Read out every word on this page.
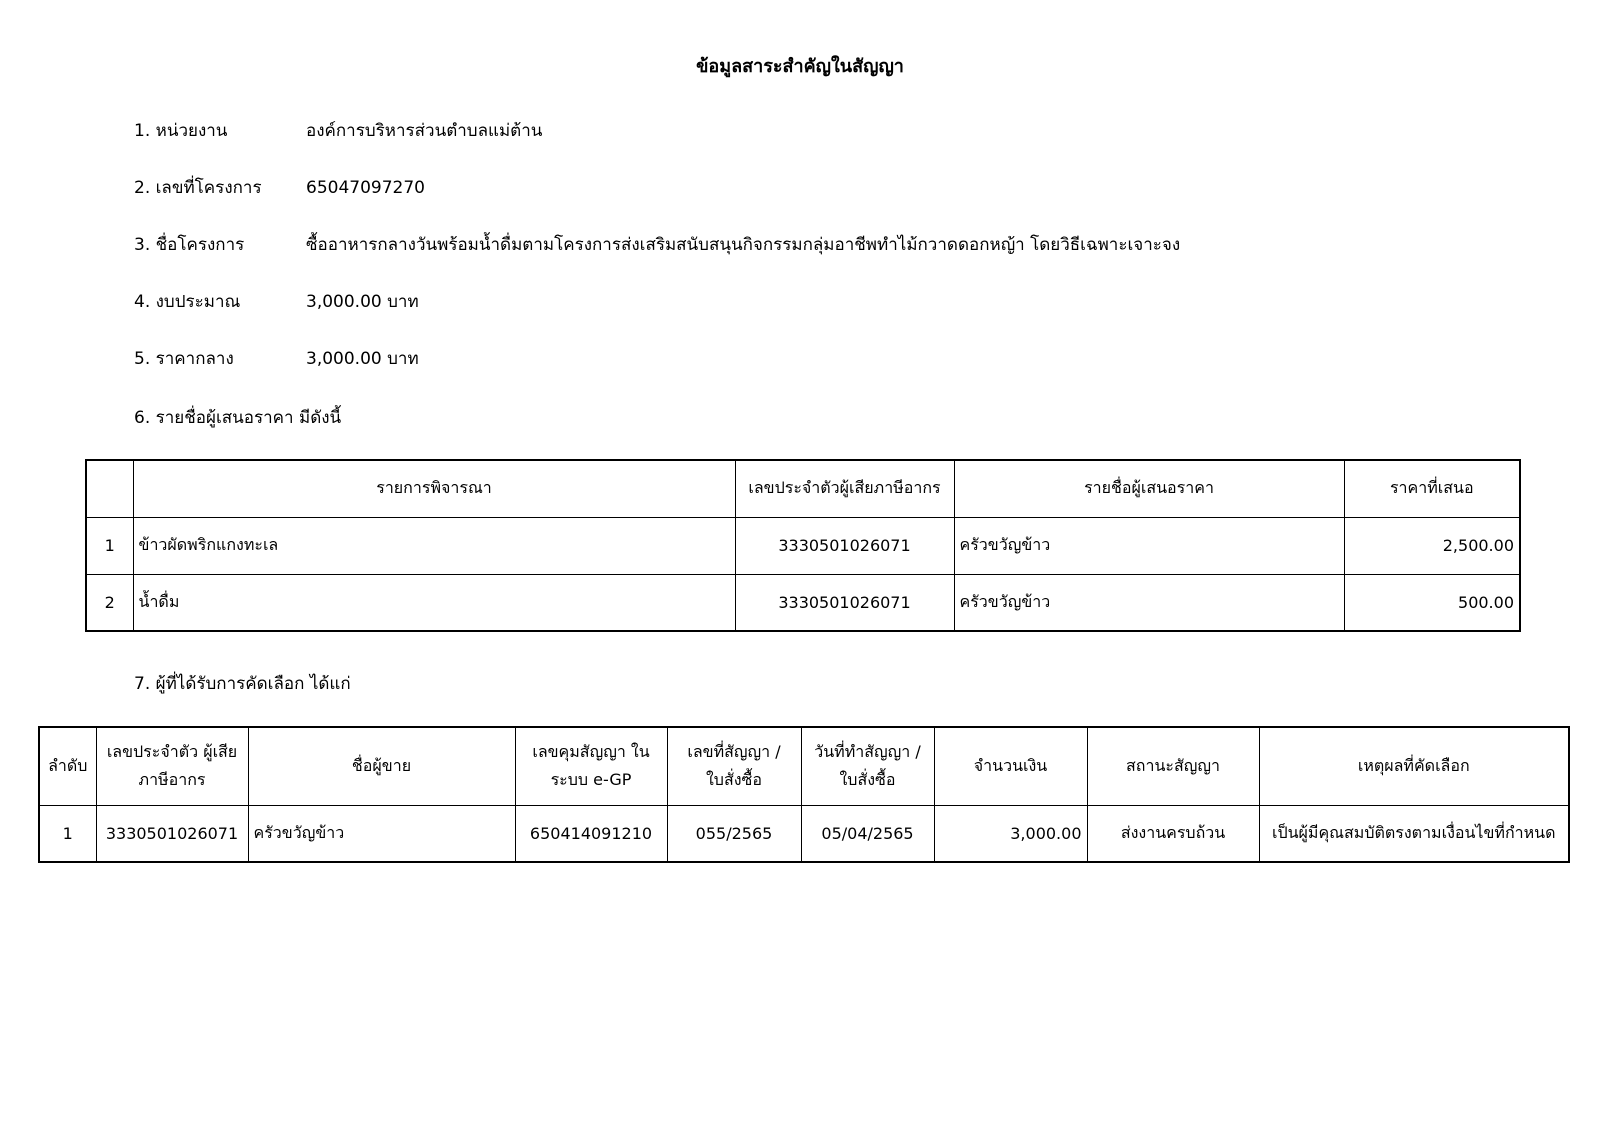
ข้อมูลสาระสำคัญในสัญญา
1. หน่วยงาน	องค์การบริหารส่วนตำบลแม่ต้าน
2. เลขที่โครงการ	65047097270
3. ชื่อโครงการ	ซื้ออาหารกลางวันพร้อมน้ำดื่มตามโครงการส่งเสริมสนับสนุนกิจกรรมกลุ่มอาชีพทำไม้กวาดดอกหญ้า โดยวิธีเฉพาะเจาะจง
4. งบประมาณ	3,000.00 บาท
5. ราคากลาง	3,000.00 บาท
6. รายชื่อผู้เสนอราคา มีดังนี้
	รายการพิจารณา	เลขประจำตัวผู้เสียภาษีอากร	รายชื่อผู้เสนอราคา	ราคาที่เสนอ
1	ข้าวผัดพริกแกงทะเล	3330501026071	ครัวขวัญข้าว	2,500.00
2	น้ำดื่ม	3330501026071	ครัวขวัญข้าว	500.00
7. ผู้ที่ได้รับการคัดเลือก ได้แก่
ลำดับ	เลขประจำตัว ผู้เสียภาษีอากร	ชื่อผู้ขาย	เลขคุมสัญญา ในระบบ e-GP	เลขที่สัญญา / ใบสั่งซื้อ	วันที่ทำสัญญา / ใบสั่งซื้อ	จำนวนเงิน	สถานะสัญญา	เหตุผลที่คัดเลือก
1	3330501026071	ครัวขวัญข้าว	650414091210	055/2565	05/04/2565	3,000.00	ส่งงานครบถ้วน	เป็นผู้มีคุณสมบัติตรงตามเงื่อนไขที่กำหนด
